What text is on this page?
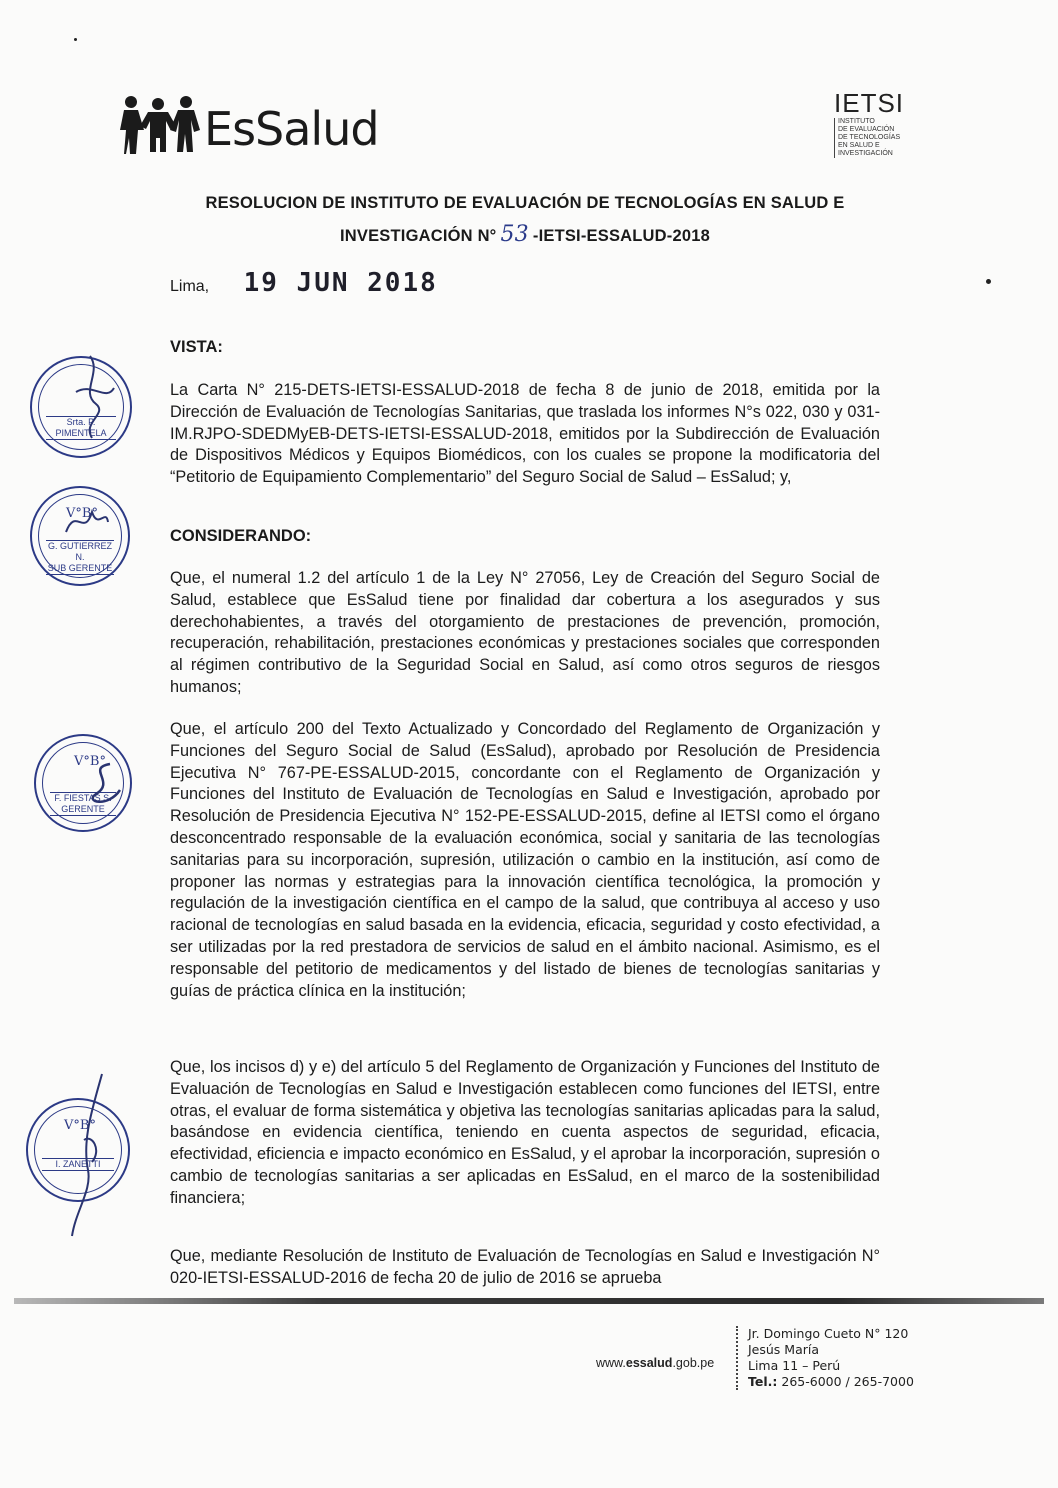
EsSalud	IETSI
INSTITUTO
DE EVALUACIÓN
DE TECNOLOGÍAS
EN SALUD E
INVESTIGACIÓN
RESOLUCION DE INSTITUTO DE EVALUACIÓN DE TECNOLOGÍAS EN SALUD E
INVESTIGACIÓN N° 53 -IETSI-ESSALUD-2018
Lima, 19 JUN 2018
VISTA:
La Carta N° 215-DETS-IETSI-ESSALUD-2018 de fecha 8 de junio de 2018, emitida por la Dirección de Evaluación de Tecnologías Sanitarias, que traslada los informes N°s 022, 030 y 031-IM.RJPO-SDEDMyEB-DETS-IETSI-ESSALUD-2018, emitidos por la Subdirección de Evaluación de Dispositivos Médicos y Equipos Biomédicos, con los cuales se propone la modificatoria del “Petitorio de Equipamiento Complementario” del Seguro Social de Salud – EsSalud; y,
CONSIDERANDO:
Que, el numeral 1.2 del artículo 1 de la Ley N° 27056, Ley de Creación del Seguro Social de Salud, establece que EsSalud tiene por finalidad dar cobertura a los asegurados y sus derechohabientes, a través del otorgamiento de prestaciones de prevención, promoción, recuperación, rehabilitación, prestaciones económicas y prestaciones sociales que corresponden al régimen contributivo de la Seguridad Social en Salud, así como otros seguros de riesgos humanos;
Que, el artículo 200 del Texto Actualizado y Concordado del Reglamento de Organización y Funciones del Seguro Social de Salud (EsSalud), aprobado por Resolución de Presidencia Ejecutiva N° 767-PE-ESSALUD-2015, concordante con el Reglamento de Organización y Funciones del Instituto de Evaluación de Tecnologías en Salud e Investigación, aprobado por Resolución de Presidencia Ejecutiva N° 152-PE-ESSALUD-2015, define al IETSI como el órgano desconcentrado responsable de la evaluación económica, social y sanitaria de las tecnologías sanitarias para su incorporación, supresión, utilización o cambio en la institución, así como de proponer las normas y estrategias para la innovación científica tecnológica, la promoción y regulación de la investigación científica en el campo de la salud, que contribuya al acceso y uso racional de tecnologías en salud basada en la evidencia, eficacia, seguridad y costo efectividad, a ser utilizadas por la red prestadora de servicios de salud en el ámbito nacional. Asimismo, es el responsable del petitorio de medicamentos y del listado de bienes de tecnologías sanitarias y guías de práctica clínica en la institución;
Que, los incisos d) y e) del artículo 5 del Reglamento de Organización y Funciones del Instituto de Evaluación de Tecnologías en Salud e Investigación establecen como funciones del IETSI, entre otras, el evaluar de forma sistemática y objetiva las tecnologías sanitarias aplicadas para la salud, basándose en evidencia científica, teniendo en cuenta aspectos de seguridad, eficacia, efectividad, eficiencia e impacto económico en EsSalud, y el aprobar la incorporación, supresión o cambio de tecnologías sanitarias a ser aplicadas en EsSalud, en el marco de la sostenibilidad financiera;
Que, mediante Resolución de Instituto de Evaluación de Tecnologías en Salud e Investigación N° 020-IETSI-ESSALUD-2016 de fecha 20 de julio de 2016 se aprueba
Srta. P. PIMENTELA
V°B°
G. GUTIERREZ N.
SUB GERENTE
V°B°
F. FIESTAS S.
GERENTE
V°B°
I. ZANETTI
www.essalud.gob.pe
Jr. Domingo Cueto N° 120
Jesús María
Lima 11 – Perú
Tel.: 265-6000 / 265-7000
